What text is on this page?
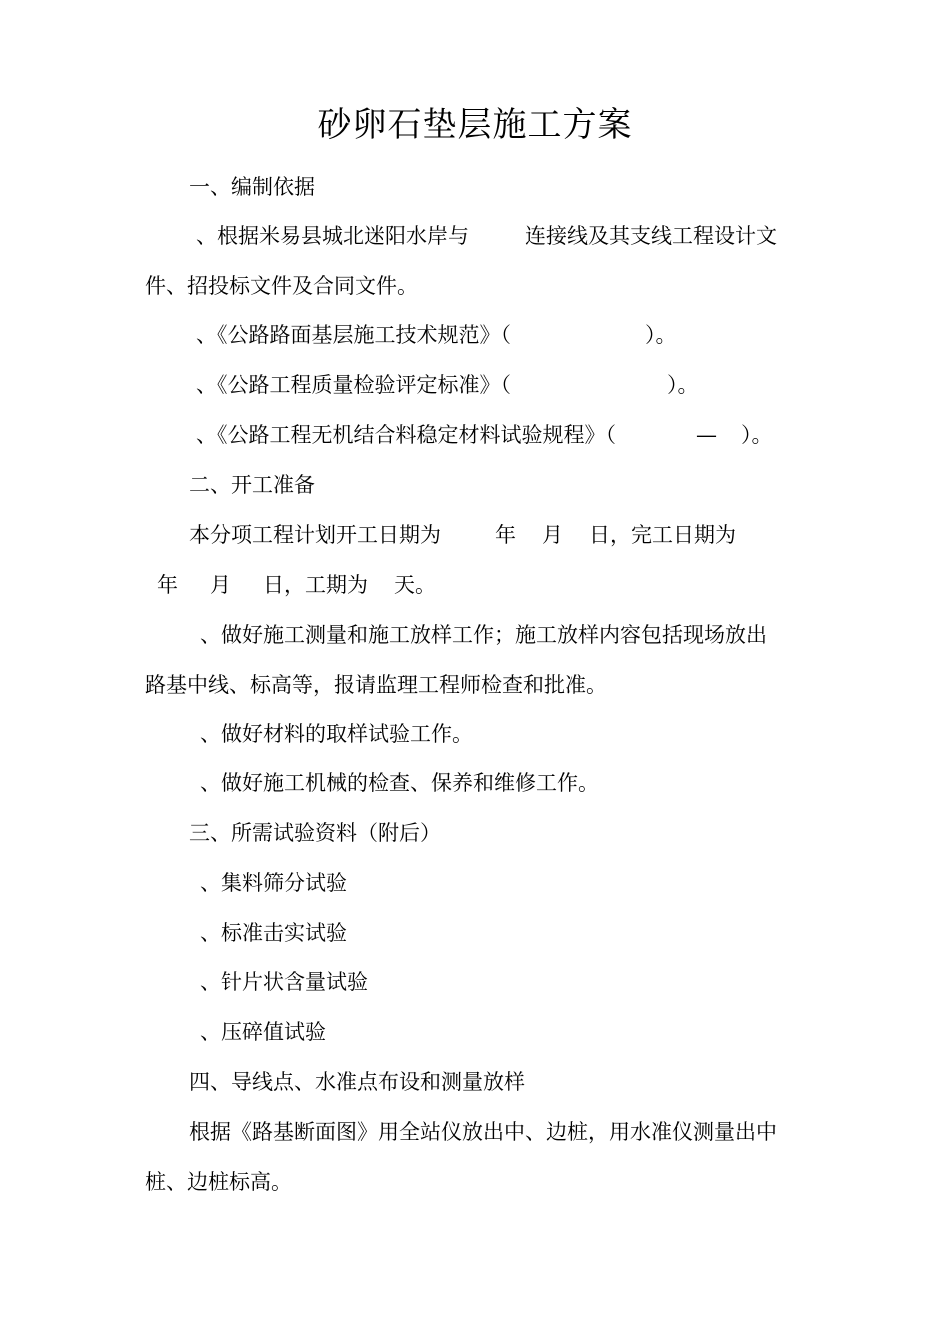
砂卵石垫层施工方案
一、编制依据
、根据米易县城北迷阳水岸与	连接线及其支线工程设计文
件、招投标文件及合同文件。
、《公路路面基层施工技术规范》（	）。
、《公路工程质量检验评定标准》（	）。
、《公路工程无机结合料稳定材料试验规程》（	— ）。
二、开工准备
本分项工程计划开工日期为	年 月 日，完工日期为
年 月 日，工期为 天。
、做好施工测量和施工放样工作；施工放样内容包括现场放出
路基中线、标高等，报请监理工程师检查和批准。
、做好材料的取样试验工作。
、做好施工机械的检查、保养和维修工作。
三、所需试验资料（附后）
、集料筛分试验
、标准击实试验
、针片状含量试验
、压碎值试验
四、导线点、水准点布设和测量放样
根据《路基断面图》用全站仪放出中、边桩，用水准仪测量出中
桩、边桩标高。
